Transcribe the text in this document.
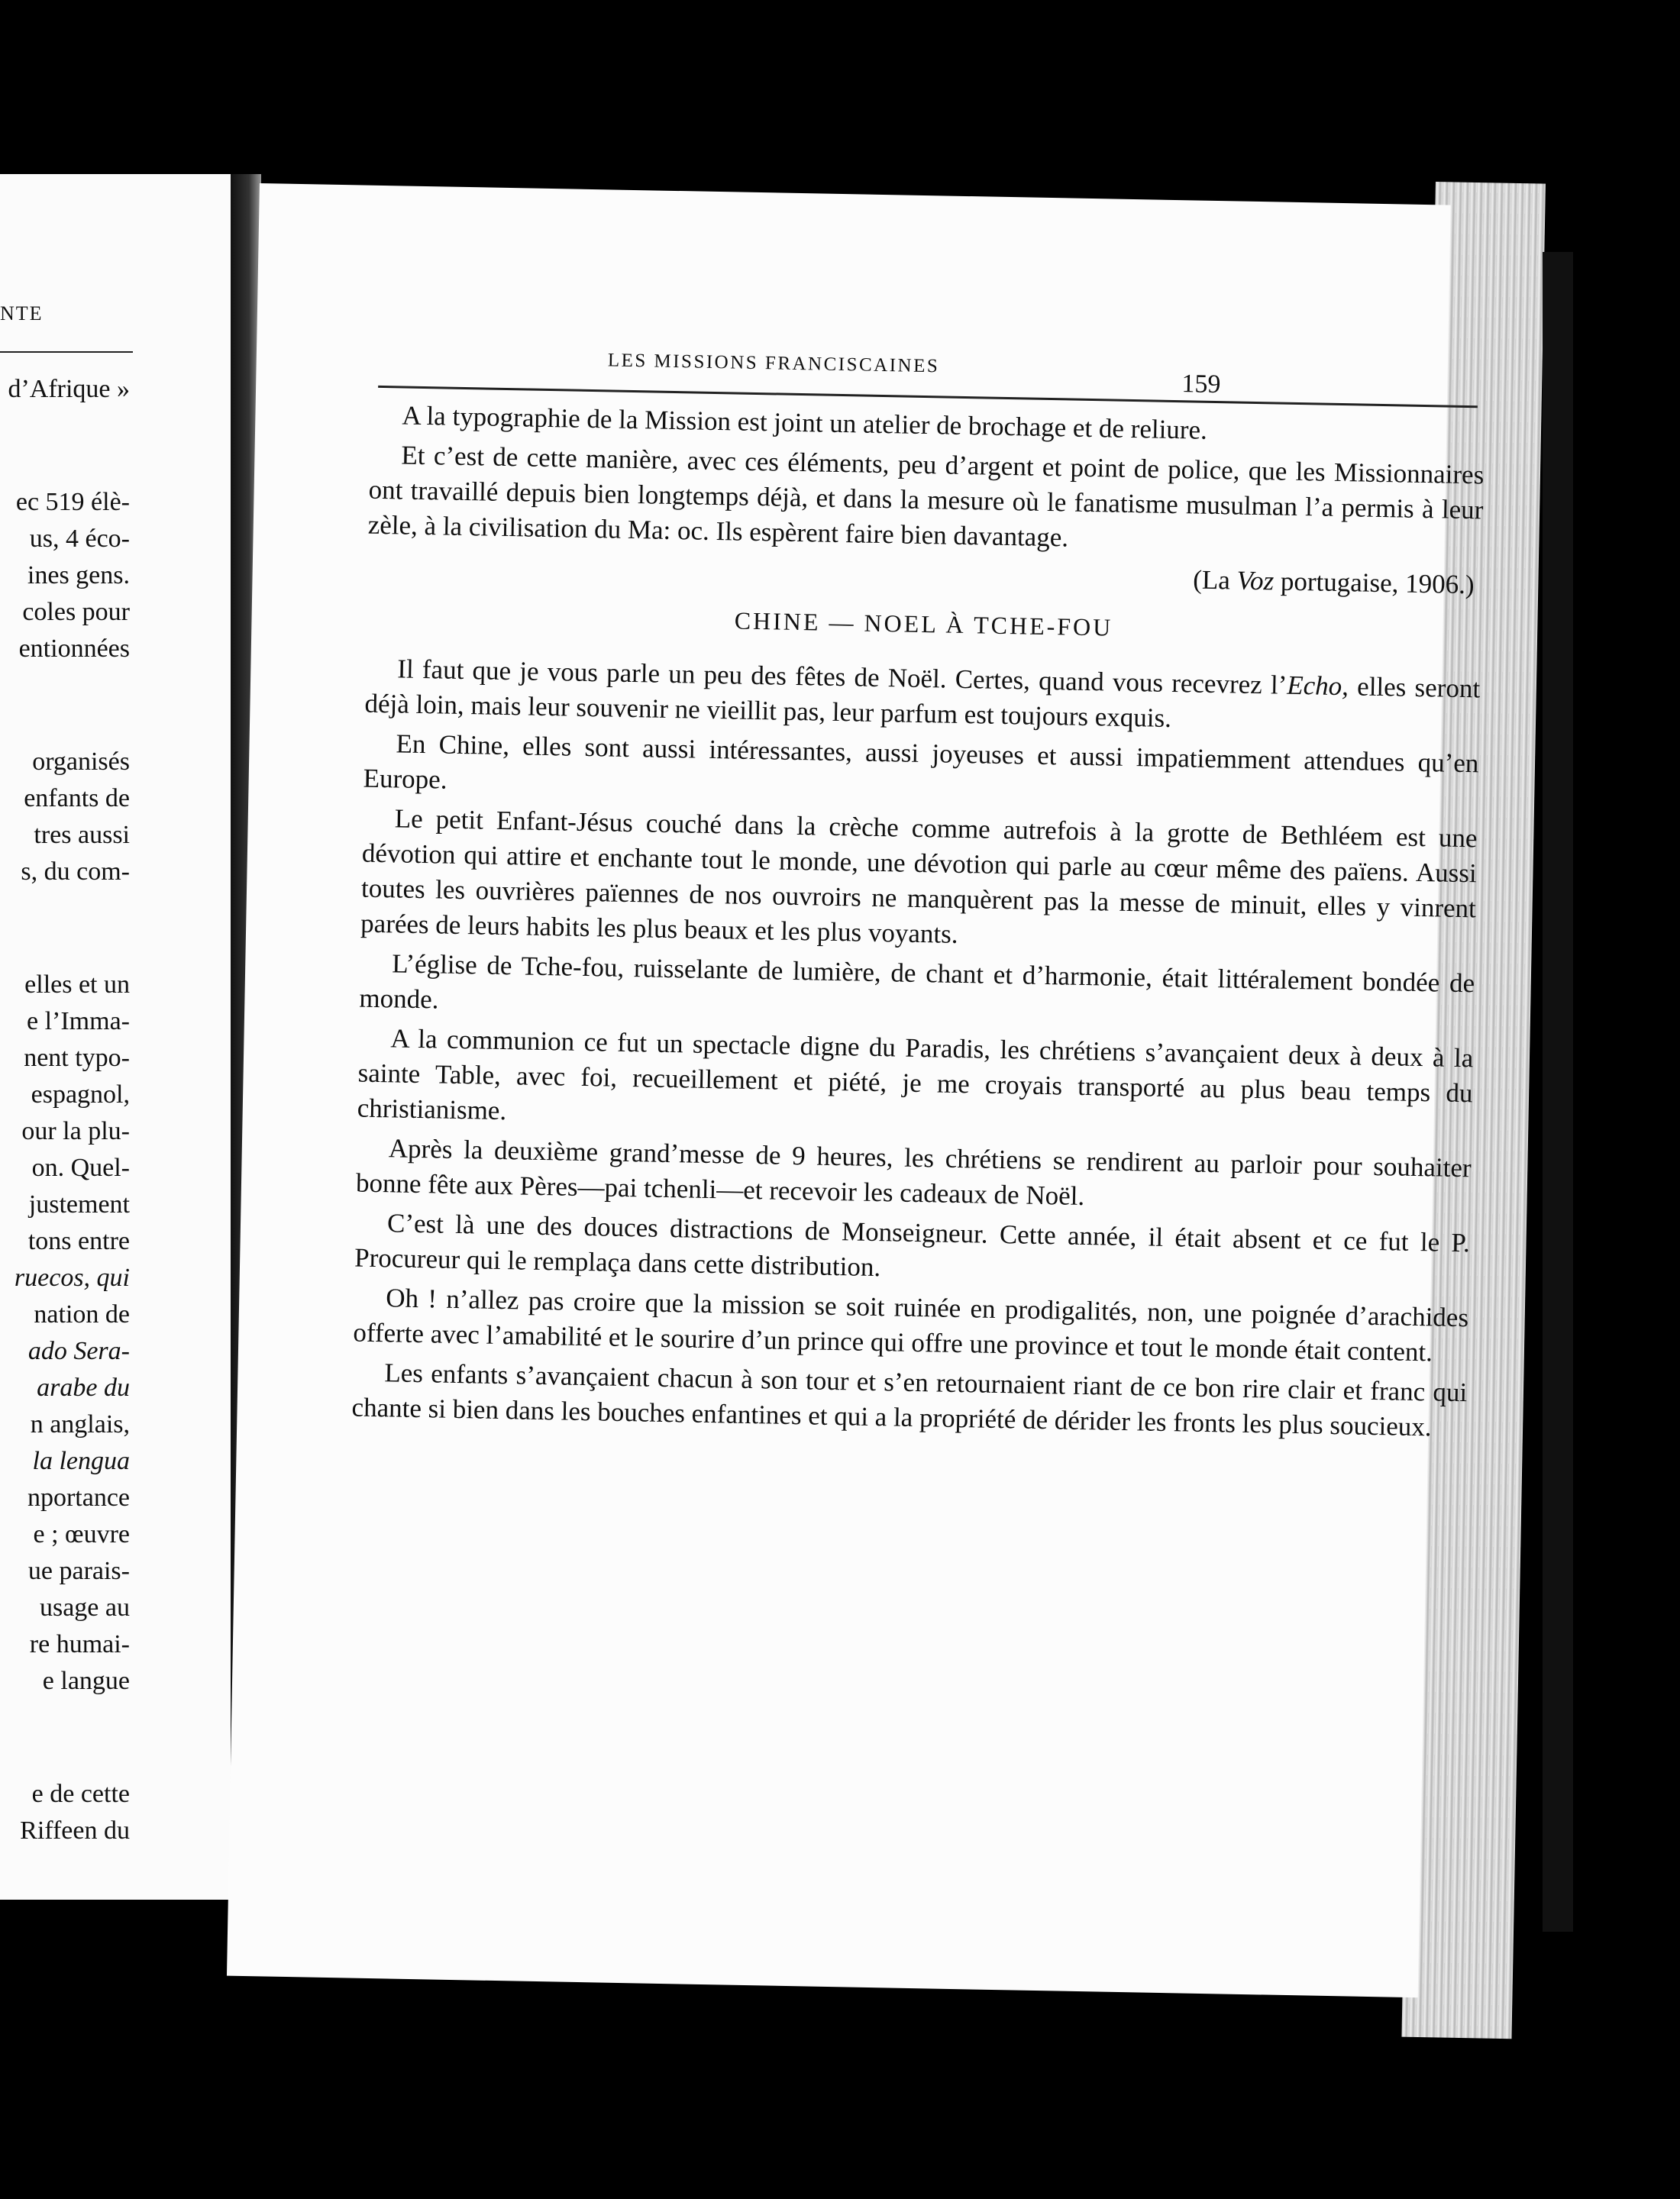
NTE
d’Afrique »
ec 519 élè-
us, 4 éco-
ines gens.
coles pour
entionnées
organisés
enfants de
tres aussi
s, du com-
elles et un
e l’Imma-
nent typo-
espagnol,
our la plu-
on. Quel-
justement
tons entre
ruecos, qui
nation de
ado Sera-
arabe du
n anglais,
la lengua
nportance
e ; œuvre
ue parais-
usage au
re humai-
e langue
e de cette
Riffeen du
LES MISSIONS FRANCISCAINES
159

A la typographie de la Mission est joint un atelier de brochage et de reliure.

Et c’est de cette manière, avec ces éléments, peu d’argent et point de police, que les Missionnaires ont travaillé depuis bien longtemps déjà, et dans la mesure où le fanatisme musulman l’a permis à leur zèle, à la civilisation du Ma: oc. Ils espèrent faire bien davantage.

(La Voz portugaise, 1906.)

CHINE — NOEL À TCHE-FOU

Il faut que je vous parle un peu des fêtes de Noël. Certes, quand vous recevrez l’Echo, elles seront déjà loin, mais leur souvenir ne vieillit pas, leur parfum est toujours exquis.

En Chine, elles sont aussi intéressantes, aussi joyeuses et aussi impatiemment attendues qu’en Europe.

Le petit Enfant-Jésus couché dans la crèche comme autrefois à la grotte de Bethléem est une dévotion qui attire et enchante tout le monde, une dévotion qui parle au cœur même des païens. Aussi toutes les ouvrières païennes de nos ouvroirs ne manquèrent pas la messe de minuit, elles y vinrent parées de leurs habits les plus beaux et les plus voyants.

L’église de Tche-fou, ruisselante de lumière, de chant et d’harmonie, était littéralement bondée de monde.

A la communion ce fut un spectacle digne du Paradis, les chrétiens s’avançaient deux à deux à la sainte Table, avec foi, recueillement et piété, je me croyais transporté au plus beau temps du christianisme.

Après la deuxième grand’messe de 9 heures, les chrétiens se rendirent au parloir pour souhaiter bonne fête aux Pères—pai tchenli—et recevoir les cadeaux de Noël.

C’est là une des douces distractions de Monseigneur. Cette année, il était absent et ce fut le P. Procureur qui le remplaça dans cette distribution.

Oh ! n’allez pas croire que la mission se soit ruinée en prodigalités, non, une poignée d’arachides offerte avec l’amabilité et le sourire d’un prince qui offre une province et tout le monde était content.

Les enfants s’avançaient chacun à son tour et s’en retournaient riant de ce bon rire clair et franc qui chante si bien dans les bouches enfantines et qui a la propriété de dérider les fronts les plus soucieux.
